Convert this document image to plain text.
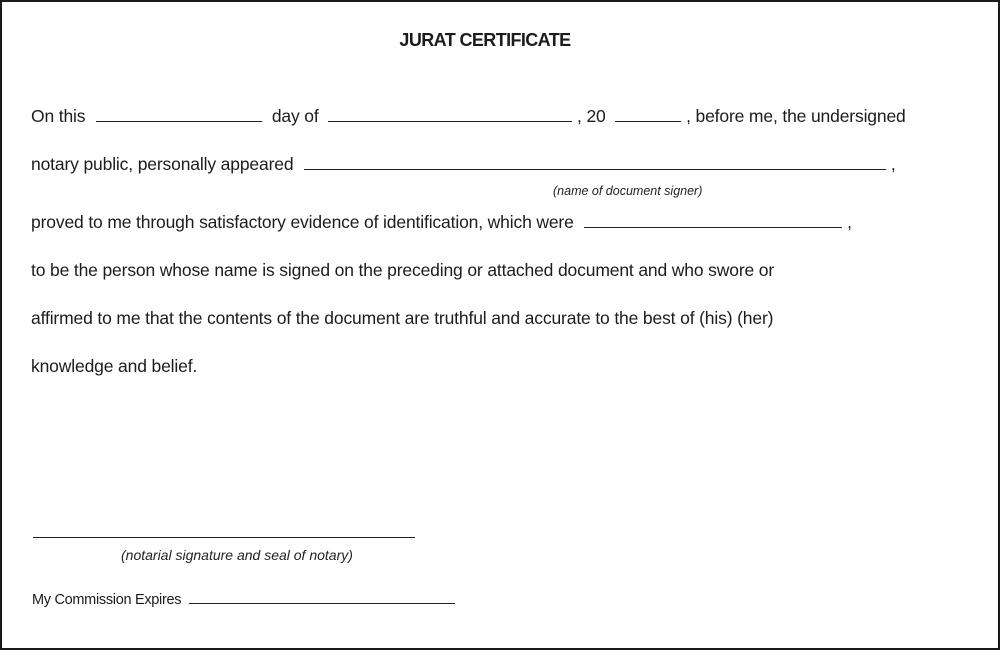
JURAT CERTIFICATE
On this	day of	, 20	, before me, the undersigned
notary public, personally appeared	,
(name of document signer)
proved to me through satisfactory evidence of identification, which were	,
to be the person whose name is signed on the preceding or attached document and who swore or
affirmed to me that the contents of the document are truthful and accurate to the best of (his) (her)
knowledge and belief.
(notarial signature and seal of notary)
My Commission Expires
